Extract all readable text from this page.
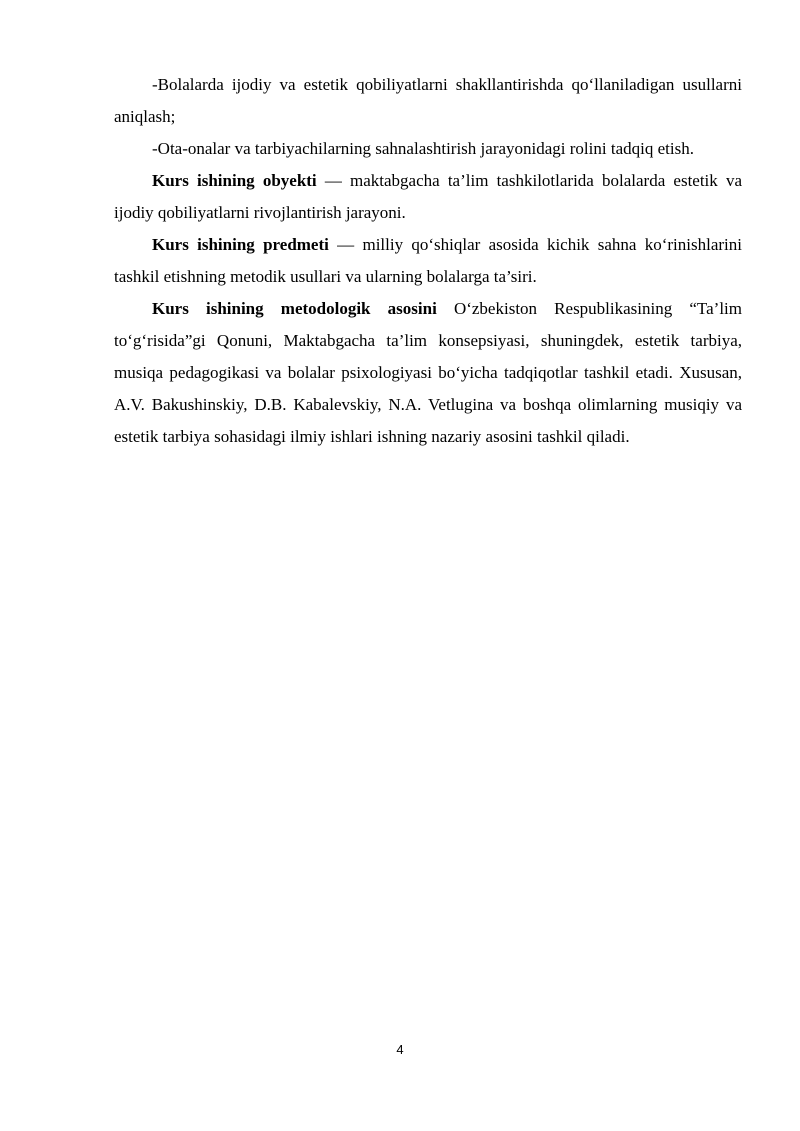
-Bolalarda ijodiy va estetik qobiliyatlarni shakllantirishda qo‘llaniladigan usullarni aniqlash;

-Ota-onalar va tarbiyachilarning sahnalashtirish jarayonidagi rolini tadqiq etish.

Kurs ishining obyekti — maktabgacha ta’lim tashkilotlarida bolalarda estetik va ijodiy qobiliyatlarni rivojlantirish jarayoni.

Kurs ishining predmeti — milliy qo‘shiqlar asosida kichik sahna ko‘rinishlarini tashkil etishning metodik usullari va ularning bolalarga ta’siri.

Kurs ishining metodologik asosini O‘zbekiston Respublikasining “Ta’lim to‘g‘risida”gi Qonuni, Maktabgacha ta’lim konsepsiyasi, shuningdek, estetik tarbiya, musiqa pedagogikasi va bolalar psixologiyasi bo‘yicha tadqiqotlar tashkil etadi. Xususan, A.V. Bakushinskiy, D.B. Kabalevskiy, N.A. Vetlugina va boshqa olimlarning musiqiy va estetik tarbiya sohasidagi ilmiy ishlari ishning nazariy asosini tashkil qiladi.

4
